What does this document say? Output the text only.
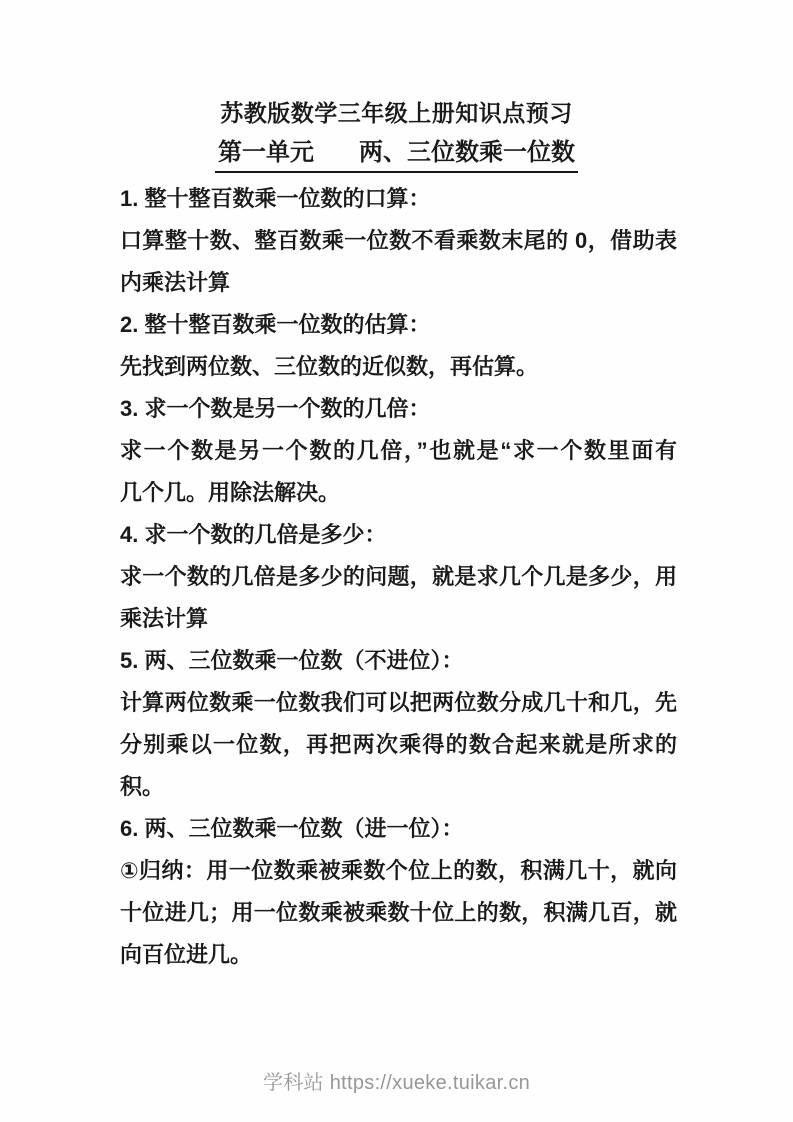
苏教版数学三年级上册知识点预习
第一单元 两、三位数乘一位数
1. 整十整百数乘一位数的口算：
口算整十数、整百数乘一位数不看乘数末尾的 0，借助表
内乘法计算
2. 整十整百数乘一位数的估算：
先找到两位数、三位数的近似数，再估算。
3. 求一个数是另一个数的几倍：
求一个数是另一个数的几倍，”也就是“求一个数里面有
几个几。用除法解决。
4. 求一个数的几倍是多少：
求一个数的几倍是多少的问题，就是求几个几是多少，用
乘法计算
5. 两、三位数乘一位数（不进位）：
计算两位数乘一位数我们可以把两位数分成几十和几，先
分别乘以一位数，再把两次乘得的数合起来就是所求的
积。
6. 两、三位数乘一位数（进一位）：
①归纳：用一位数乘被乘数个位上的数，积满几十，就向
十位进几；用一位数乘被乘数十位上的数，积满几百，就
向百位进几。
学科站 https://xueke.tuikar.cn
